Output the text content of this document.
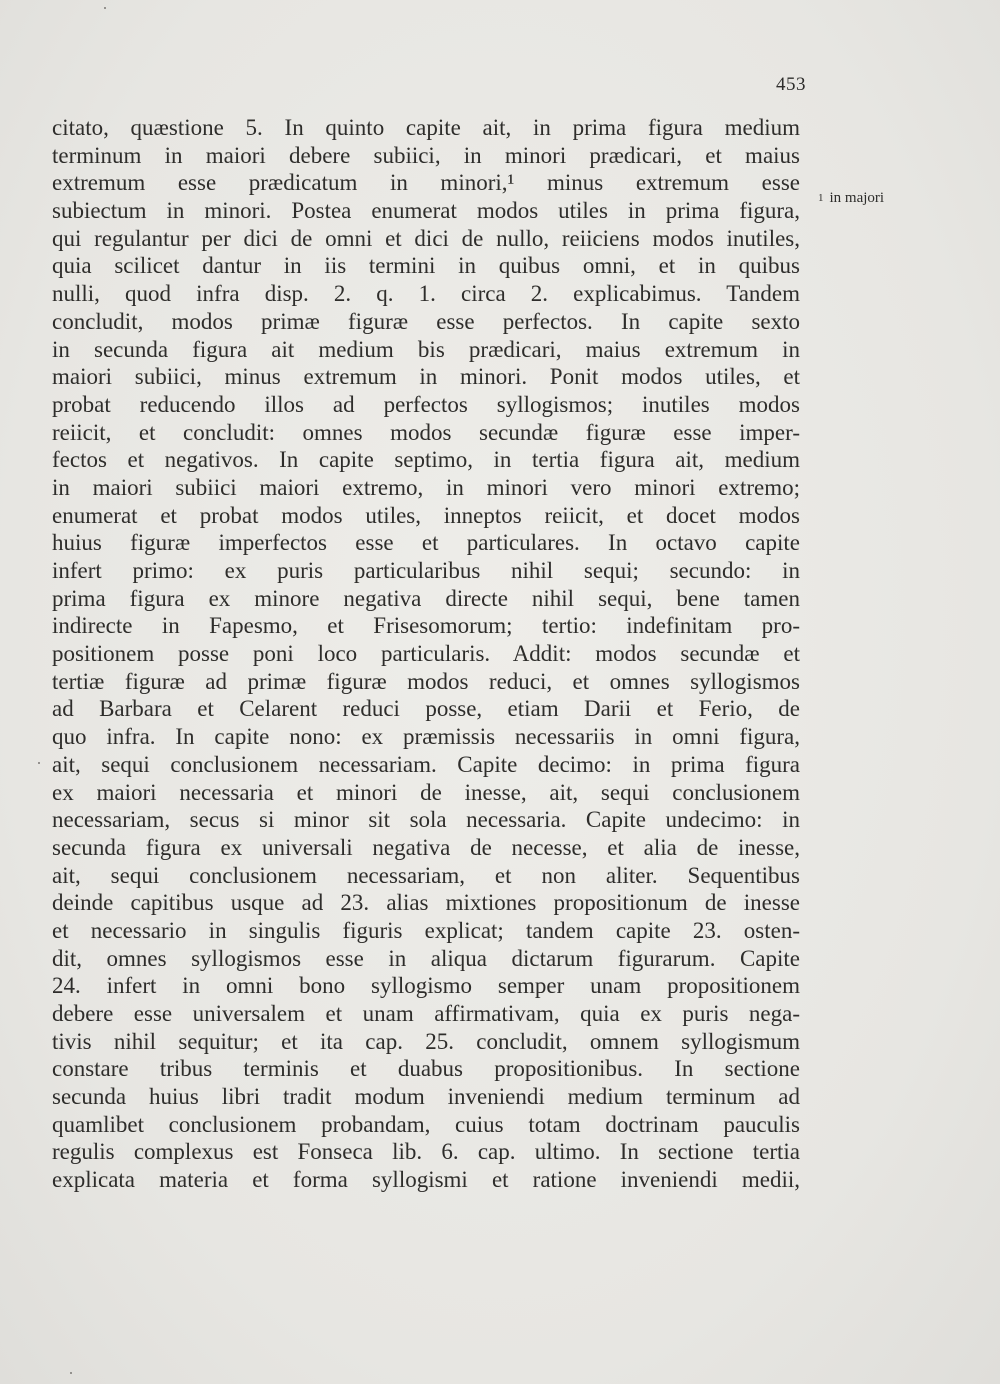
453
citato, quæstione 5. In quinto capite ait, in prima figura medium
terminum in maiori debere subiici, in minori prædicari, et maius
extremum esse prædicatum in minori,¹ minus extremum esse
subiectum in minori. Postea enumerat modos utiles in prima figura,
qui regulantur per dici de omni et dici de nullo, reiiciens modos inutiles,
quia scilicet dantur in iis termini in quibus omni, et in quibus
nulli, quod infra disp. 2. q. 1. circa 2. explicabimus. Tandem
concludit, modos primæ figuræ esse perfectos. In capite sexto
in secunda figura ait medium bis prædicari, maius extremum in
maiori subiici, minus extremum in minori. Ponit modos utiles, et
probat reducendo illos ad perfectos syllogismos; inutiles modos
reiicit, et concludit: omnes modos secundæ figuræ esse imper-
fectos et negativos. In capite septimo, in tertia figura ait, medium
in maiori subiici maiori extremo, in minori vero minori extremo;
enumerat et probat modos utiles, inneptos reiicit, et docet modos
huius figuræ imperfectos esse et particulares. In octavo capite
infert primo: ex puris particularibus nihil sequi; secundo: in
prima figura ex minore negativa directe nihil sequi, bene tamen
indirecte in Fapesmo, et Frisesomorum; tertio: indefinitam pro-
positionem posse poni loco particularis. Addit: modos secundæ et
tertiæ figuræ ad primæ figuræ modos reduci, et omnes syllogismos
ad Barbara et Celarent reduci posse, etiam Darii et Ferio, de
quo infra. In capite nono: ex præmissis necessariis in omni figura,
ait, sequi conclusionem necessariam. Capite decimo: in prima figura
ex maiori necessaria et minori de inesse, ait, sequi conclusionem
necessariam, secus si minor sit sola necessaria. Capite undecimo: in
secunda figura ex universali negativa de necesse, et alia de inesse,
ait, sequi conclusionem necessariam, et non aliter. Sequentibus
deinde capitibus usque ad 23. alias mixtiones propositionum de inesse
et necessario in singulis figuris explicat; tandem capite 23. osten-
dit, omnes syllogismos esse in aliqua dictarum figurarum. Capite
24. infert in omni bono syllogismo semper unam propositionem
debere esse universalem et unam affirmativam, quia ex puris nega-
tivis nihil sequitur; et ita cap. 25. concludit, omnem syllogismum
constare tribus terminis et duabus propositionibus. In sectione
secunda huius libri tradit modum inveniendi medium terminum ad
quamlibet conclusionem probandam, cuius totam doctrinam pauculis
regulis complexus est Fonseca lib. 6. cap. ultimo. In sectione tertia
explicata materia et forma syllogismi et ratione inveniendi medii,
1 in majori
